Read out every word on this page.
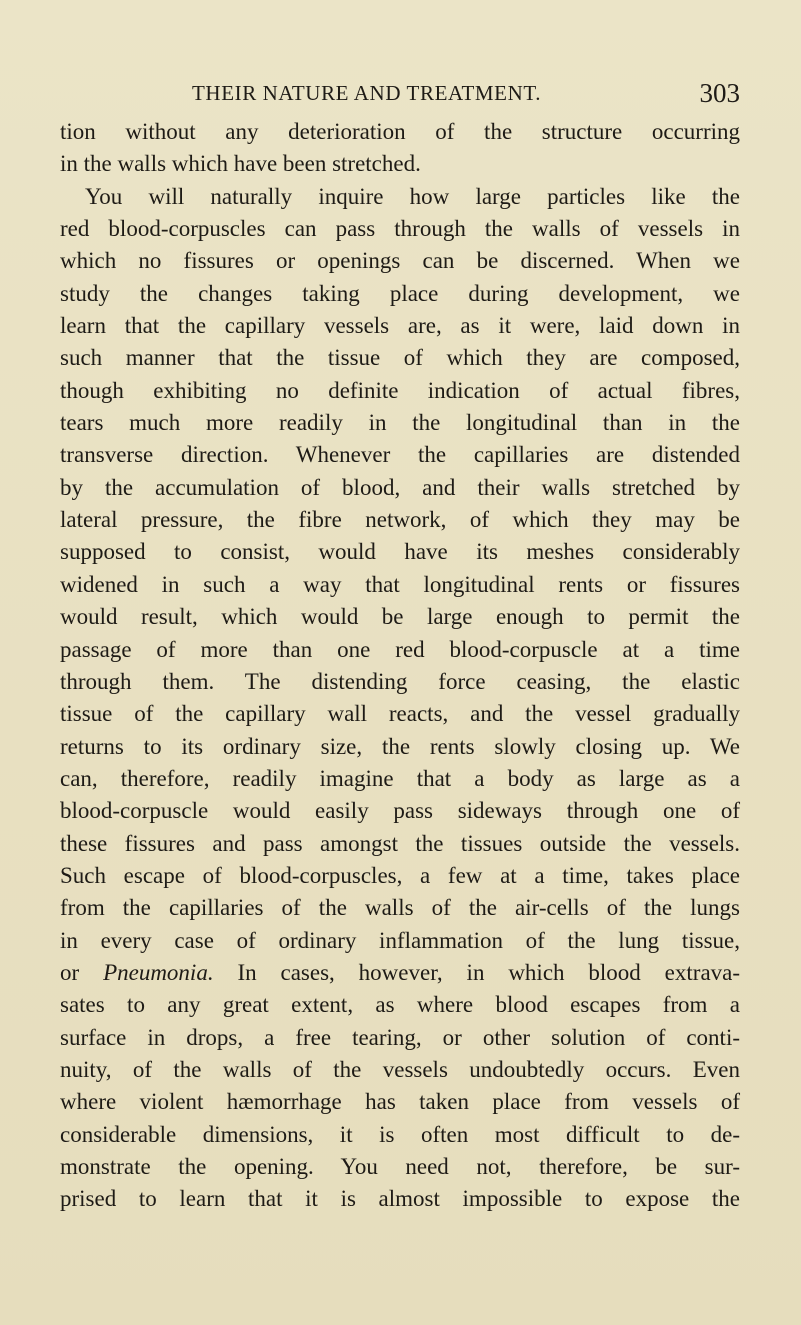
THEIR NATURE AND TREATMENT.	303
tion without any deterioration of the structure occurring
in the walls which have been stretched.
You will naturally inquire how large particles like the
red blood-corpuscles can pass through the walls of vessels in
which no fissures or openings can be discerned. When we
study the changes taking place during development, we
learn that the capillary vessels are, as it were, laid down in
such manner that the tissue of which they are composed,
though exhibiting no definite indication of actual fibres,
tears much more readily in the longitudinal than in the
transverse direction. Whenever the capillaries are distended
by the accumulation of blood, and their walls stretched by
lateral pressure, the fibre network, of which they may be
supposed to consist, would have its meshes considerably
widened in such a way that longitudinal rents or fissures
would result, which would be large enough to permit the
passage of more than one red blood-corpuscle at a time
through them. The distending force ceasing, the elastic
tissue of the capillary wall reacts, and the vessel gradually
returns to its ordinary size, the rents slowly closing up. We
can, therefore, readily imagine that a body as large as a
blood-corpuscle would easily pass sideways through one of
these fissures and pass amongst the tissues outside the vessels.
Such escape of blood-corpuscles, a few at a time, takes place
from the capillaries of the walls of the air-cells of the lungs
in every case of ordinary inflammation of the lung tissue,
or Pneumonia. In cases, however, in which blood extrava-
sates to any great extent, as where blood escapes from a
surface in drops, a free tearing, or other solution of conti-
nuity, of the walls of the vessels undoubtedly occurs. Even
where violent hæmorrhage has taken place from vessels of
considerable dimensions, it is often most difficult to de-
monstrate the opening. You need not, therefore, be sur-
prised to learn that it is almost impossible to expose the
